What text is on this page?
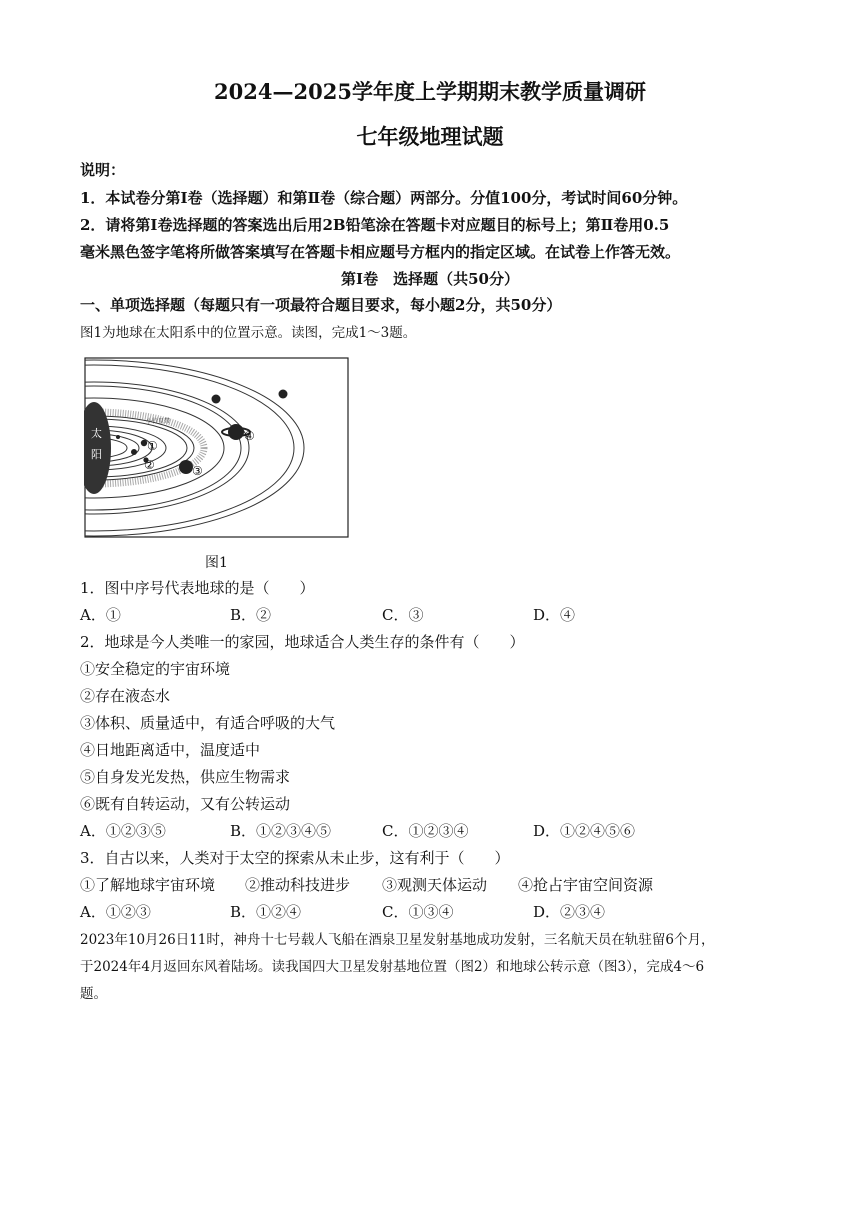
2024—2025学年度上学期期末教学质量调研
七年级地理试题
说明：
1．本试卷分第Ⅰ卷（选择题）和第Ⅱ卷（综合题）两部分。分值100分，考试时间60分钟。
2．请将第Ⅰ卷选择题的答案选出后用2B铅笔涂在答题卡对应题目的标号上；第Ⅱ卷用0.5
毫米黑色签字笔将所做答案填写在答题卡相应题号方框内的指定区域。在试卷上作答无效。
第Ⅰ卷　选择题（共50分）
一、单项选择题（每题只有一项最符合题目要求，每小题2分，共50分）
图1为地球在太阳系中的位置示意。读图，完成1～3题。
太
阳
小行星带
①
②	③
④
图1
1．图中序号代表地球的是（　　）
A．①	B．②	C．③	D．④
2．地球是今人类唯一的家园，地球适合人类生存的条件有（　　）
①安全稳定的宇宙环境
②存在液态水
③体积、质量适中，有适合呼吸的大气
④日地距离适中，温度适中
⑤自身发光发热，供应生物需求
⑥既有自转运动，又有公转运动
A．①②③⑤	B．①②③④⑤	C．①②③④	D．①②④⑤⑥
3．自古以来，人类对于太空的探索从未止步，这有利于（　　）
①了解地球宇宙环境 ②推动科技进步 ③观测天体运动 ④抢占宇宙空间资源
A．①②③	B．①②④	C．①③④	D．②③④
2023年10月26日11时，神舟十七号载人飞船在酒泉卫星发射基地成功发射，三名航天员在轨驻留6个月，
于2024年4月返回东风着陆场。读我国四大卫星发射基地位置（图2）和地球公转示意（图3），完成4～6
题。
